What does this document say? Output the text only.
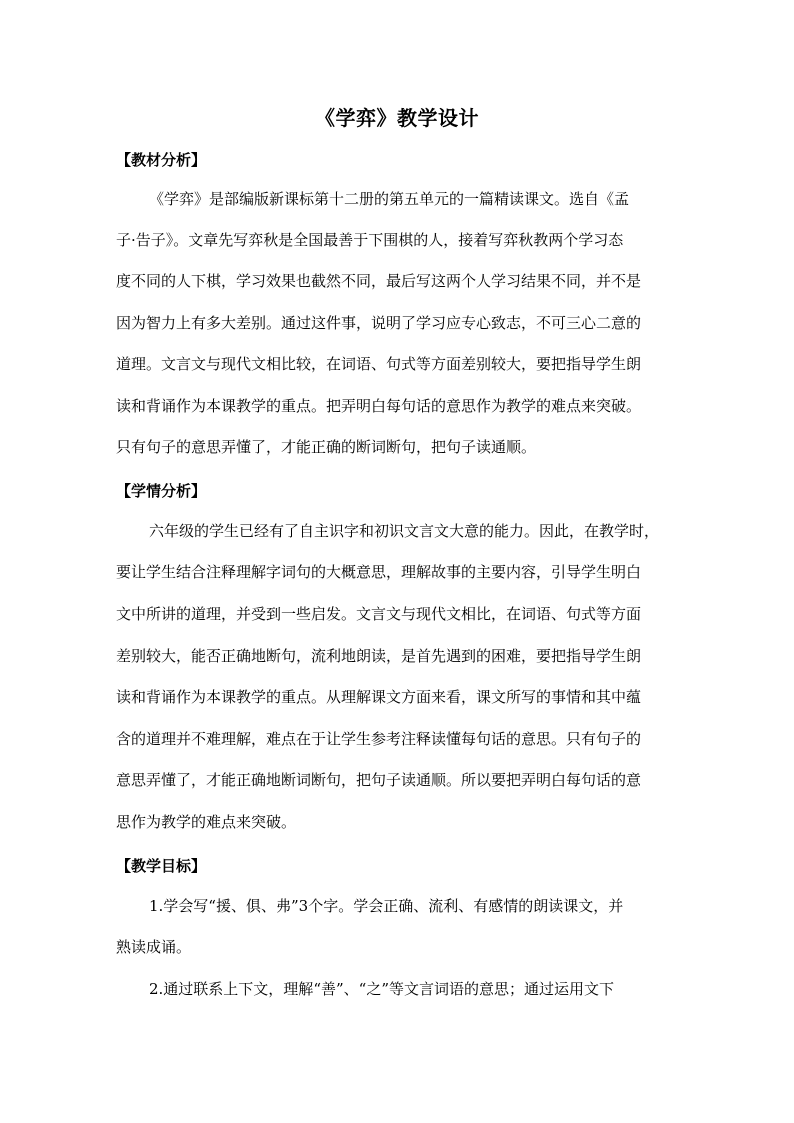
《学弈》教学设计
【教材分析】
《学弈》是部编版新课标第十二册的第五单元的一篇精读课文。选自《孟
子·告子》。文章先写弈秋是全国最善于下围棋的人，接着写弈秋教两个学习态
度不同的人下棋，学习效果也截然不同，最后写这两个人学习结果不同，并不是
因为智力上有多大差别。通过这件事，说明了学习应专心致志，不可三心二意的
道理。文言文与现代文相比较，在词语、句式等方面差别较大，要把指导学生朗
读和背诵作为本课教学的重点。把弄明白每句话的意思作为教学的难点来突破。
只有句子的意思弄懂了，才能正确的断词断句，把句子读通顺。
【学情分析】
六年级的学生已经有了自主识字和初识文言文大意的能力。因此，在教学时，
要让学生结合注释理解字词句的大概意思，理解故事的主要内容，引导学生明白
文中所讲的道理，并受到一些启发。文言文与现代文相比，在词语、句式等方面
差别较大，能否正确地断句，流利地朗读，是首先遇到的困难，要把指导学生朗
读和背诵作为本课教学的重点。从理解课文方面来看，课文所写的事情和其中蕴
含的道理并不难理解，难点在于让学生参考注释读懂每句话的意思。只有句子的
意思弄懂了，才能正确地断词断句，把句子读通顺。所以要把弄明白每句话的意
思作为教学的难点来突破。
【教学目标】
1.学会写“援、俱、弗”3个字。学会正确、流利、有感情的朗读课文，并
熟读成诵。
2.通过联系上下文，理解“善”、“之”等文言词语的意思；通过运用文下
